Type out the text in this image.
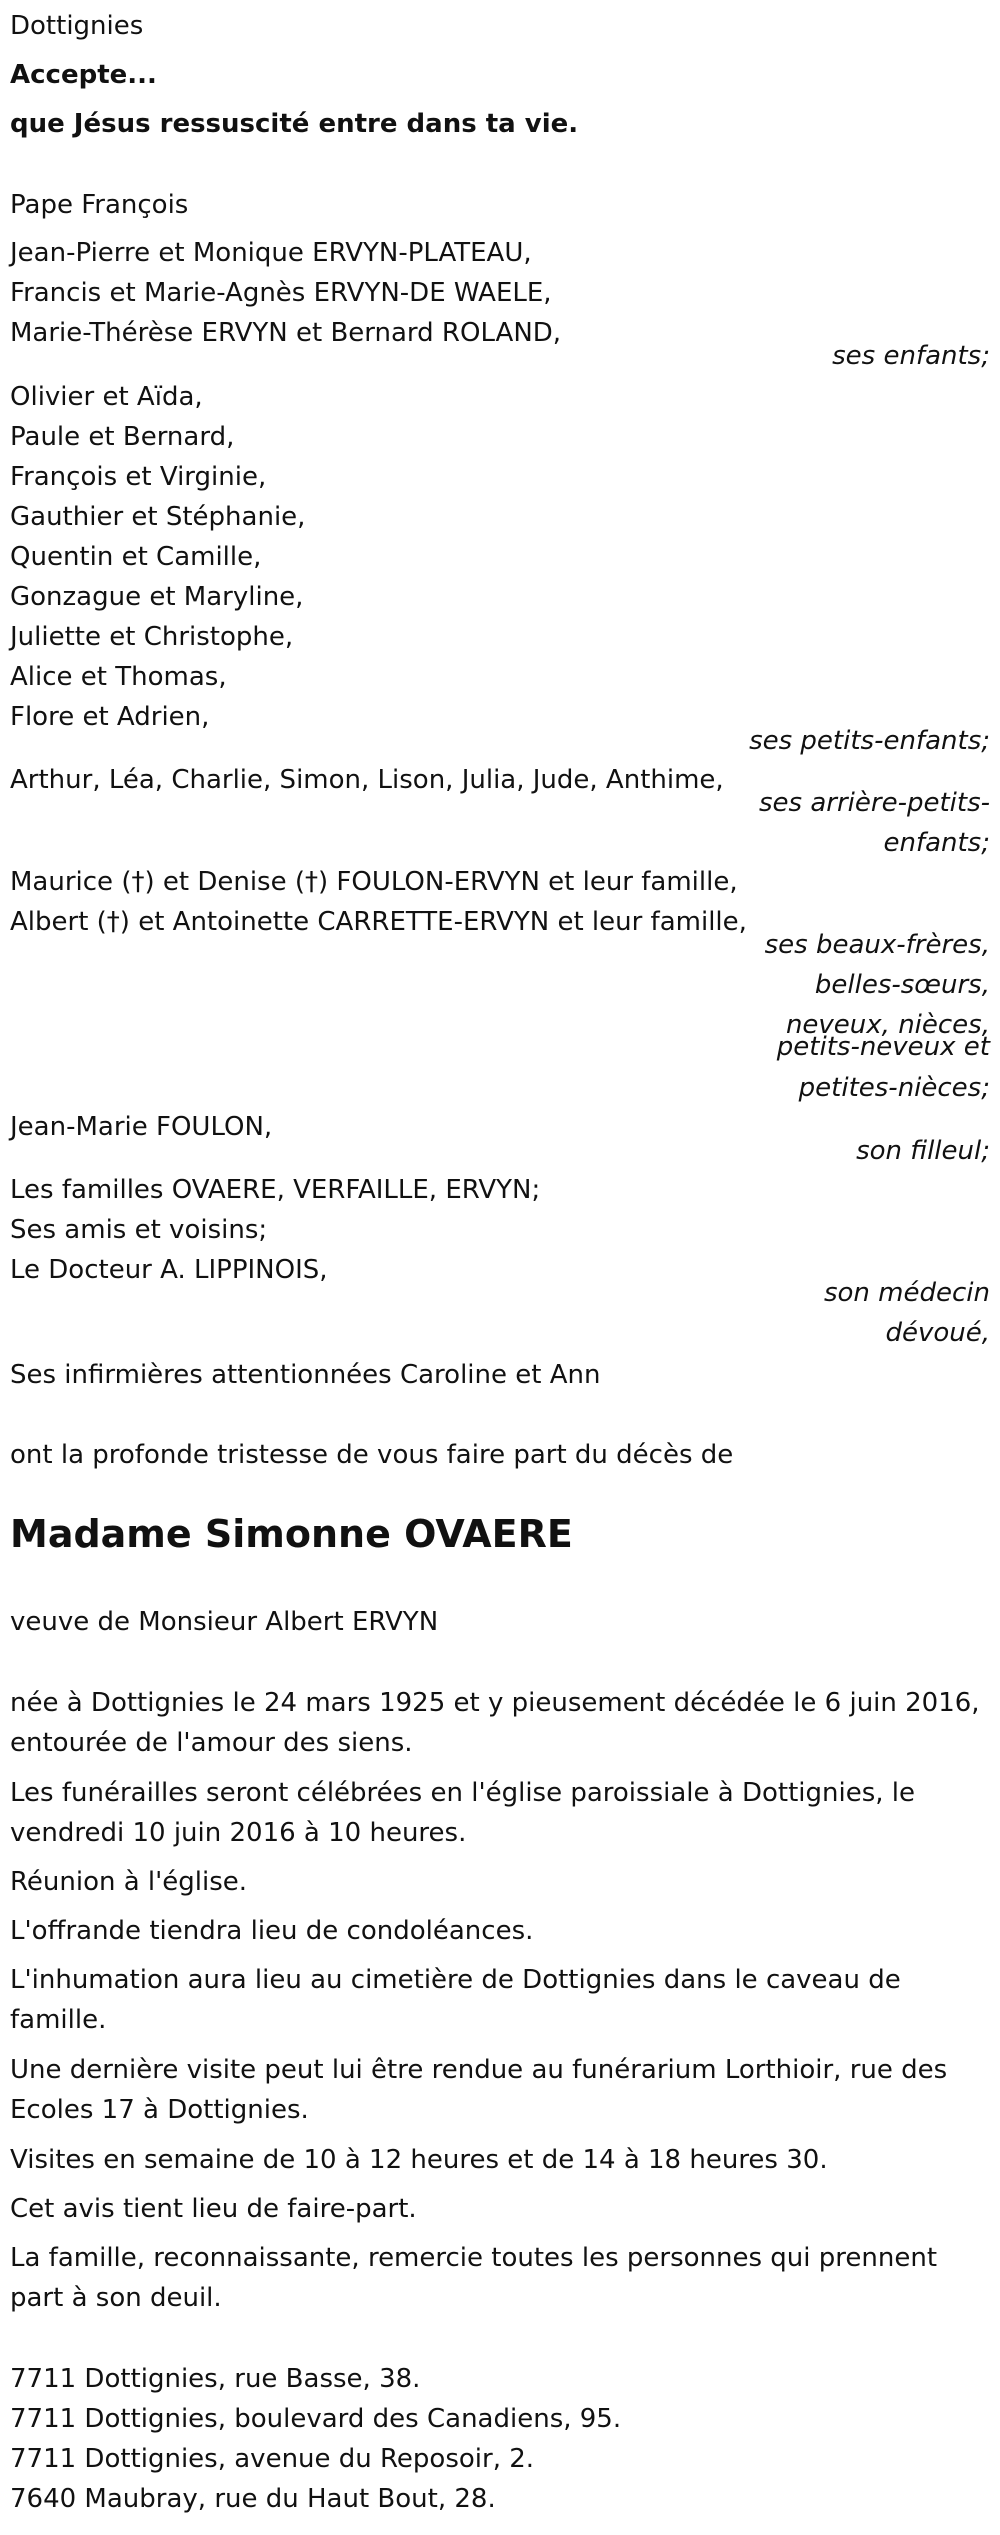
Dottignies
Accepte...
que Jésus ressuscité entre dans ta vie.
Pape François
Jean-Pierre et Monique ERVYN-PLATEAU,
Francis et Marie-Agnès ERVYN-DE WAELE,
Marie-Thérèse ERVYN et Bernard ROLAND,
ses enfants;
Olivier et Aïda,
Paule et Bernard,
François et Virginie,
Gauthier et Stéphanie,
Quentin et Camille,
Gonzague et Maryline,
Juliette et Christophe,
Alice et Thomas,
Flore et Adrien,
ses petits-enfants;
Arthur, Léa, Charlie, Simon, Lison, Julia, Jude, Anthime,
ses arrière-petits-
enfants;
Maurice (†) et Denise (†) FOULON-ERVYN et leur famille,
Albert (†) et Antoinette CARRETTE-ERVYN et leur famille,
ses beaux-frères,
belles-sœurs,
neveux, nièces,
petits-neveux et
petites-nièces;
Jean-Marie FOULON,
son filleul;
Les familles OVAERE, VERFAILLE, ERVYN;
Ses amis et voisins;
Le Docteur A. LIPPINOIS,
son médecin
dévoué,
Ses infirmières attentionnées Caroline et Ann
ont la profonde tristesse de vous faire part du décès de
Madame Simonne OVAERE
veuve de Monsieur Albert ERVYN
née à Dottignies le 24 mars 1925 et y pieusement décédée le 6 juin 2016,
entourée de l'amour des siens.
Les funérailles seront célébrées en l'église paroissiale à Dottignies, le
vendredi 10 juin 2016 à 10 heures.
Réunion à l'église.
L'offrande tiendra lieu de condoléances.
L'inhumation aura lieu au cimetière de Dottignies dans le caveau de
famille.
Une dernière visite peut lui être rendue au funérarium Lorthioir, rue des
Ecoles 17 à Dottignies.
Visites en semaine de 10 à 12 heures et de 14 à 18 heures 30.
Cet avis tient lieu de faire-part.
La famille, reconnaissante, remercie toutes les personnes qui prennent
part à son deuil.
7711 Dottignies, rue Basse, 38.
7711 Dottignies, boulevard des Canadiens, 95.
7711 Dottignies, avenue du Reposoir, 2.
7640 Maubray, rue du Haut Bout, 28.
